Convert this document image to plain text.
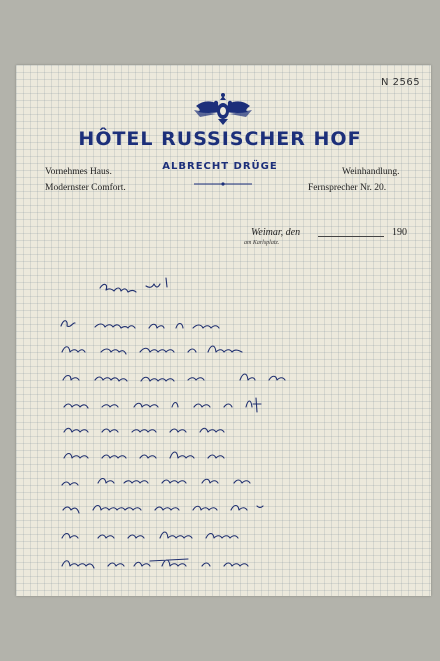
N 2565
HÔTEL RUSSISCHER HOF
ALBRECHT DRÜGE
Vornehmes Haus.
Modernster Comfort.
Weinhandlung.
Fernsprecher Nr. 20.
Weimar, den	190
am Karlsplatz.
